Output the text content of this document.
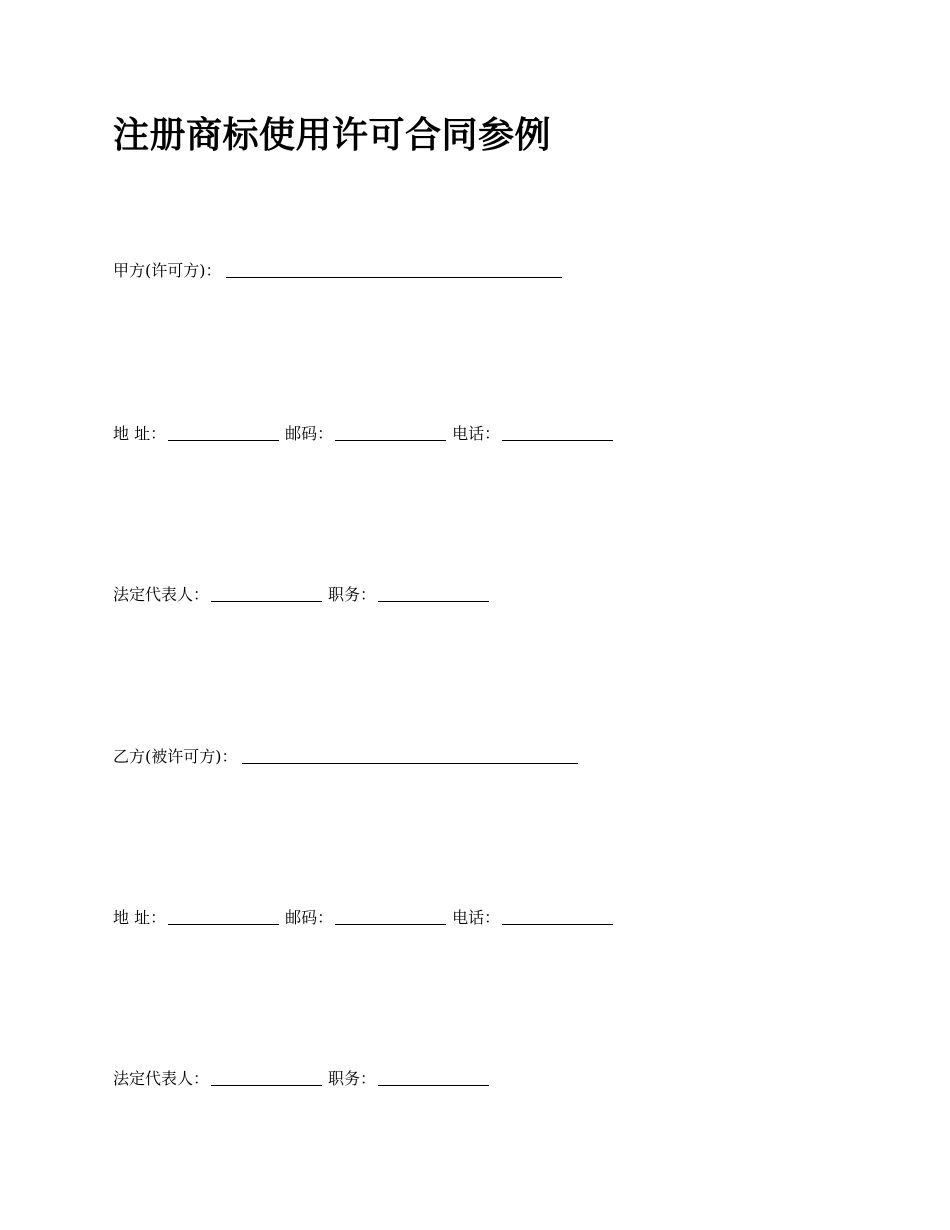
注册商标使用许可合同参例
甲方(许可方)：
地 址：	邮码：	电话：
法定代表人：	职务：
乙方(被许可方)：
地 址：	邮码：	电话：
法定代表人：	职务：
